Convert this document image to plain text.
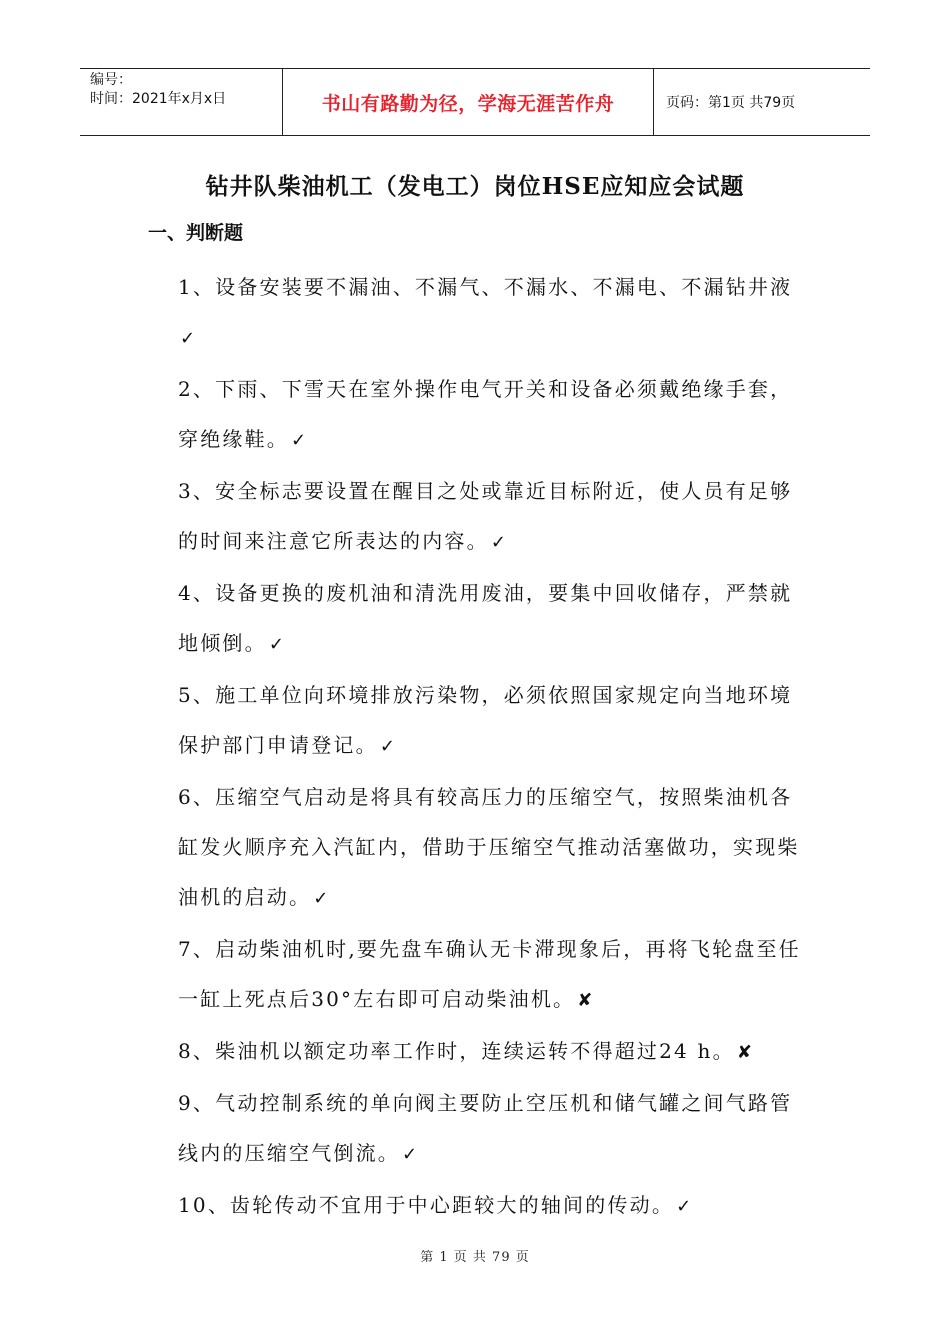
编号：
时间：2021年x月x日	书山有路勤为径，学海无涯苦作舟	页码：第1页 共79页
钻井队柴油机工（发电工）岗位HSE应知应会试题
一、判断题

1、设备安装要不漏油、不漏气、不漏水、不漏电、不漏钻井液

✓

2、下雨、下雪天在室外操作电气开关和设备必须戴绝缘手套，

穿绝缘鞋。 ✓

3、安全标志要设置在醒目之处或靠近目标附近，使人员有足够

的时间来注意它所表达的内容。 ✓

4、设备更换的废机油和清洗用废油，要集中回收储存，严禁就

地倾倒。 ✓

5、施工单位向环境排放污染物，必须依照国家规定向当地环境

保护部门申请登记。 ✓

6、压缩空气启动是将具有较高压力的压缩空气，按照柴油机各

缸发火顺序充入汽缸内，借助于压缩空气推动活塞做功，实现柴

油机的启动。 ✓

7、启动柴油机时,要先盘车确认无卡滞现象后，再将飞轮盘至任

一缸上死点后30°左右即可启动柴油机。 ✘

8、柴油机以额定功率工作时，连续运转不得超过24 h。 ✘

9、气动控制系统的单向阀主要防止空压机和储气罐之间气路管

线内的压缩空气倒流。 ✓

10、齿轮传动不宜用于中心距较大的轴间的传动。 ✓

第 1 页 共 79 页
